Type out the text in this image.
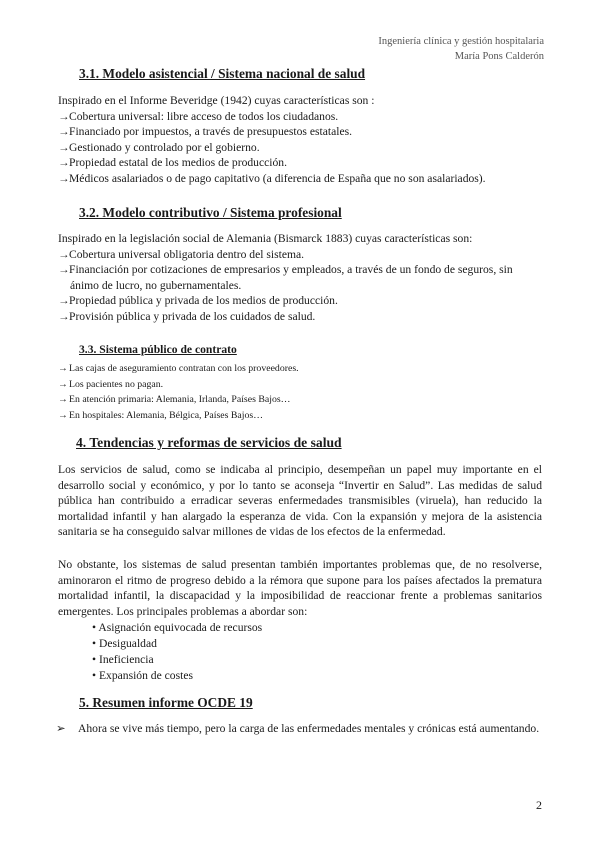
Ingeniería clínica y gestión hospitalaria
María Pons Calderón
3.1. Modelo asistencial / Sistema nacional de salud
Inspirado en el Informe Beveridge (1942) cuyas características son :
→Cobertura universal: libre acceso de todos los ciudadanos.
→Financiado por impuestos, a través de presupuestos estatales.
→Gestionado y controlado por el gobierno.
→Propiedad estatal de los medios de producción.
→Médicos asalariados o de pago capitativo (a diferencia de España que no son asalariados).
3.2. Modelo contributivo / Sistema profesional
Inspirado en la legislación social de Alemania (Bismarck 1883) cuyas características son:
→Cobertura universal obligatoria dentro del sistema.
→Financiación por cotizaciones de empresarios y empleados, a través de un fondo de seguros, sin
ánimo de lucro, no gubernamentales.
→Propiedad pública y privada de los medios de producción.
→Provisión pública y privada de los cuidados de salud.
3.3. Sistema público de contrato
→Las cajas de aseguramiento contratan con los proveedores.
→Los pacientes no pagan.
→En atención primaria: Alemania, Irlanda, Países Bajos…
→En hospitales: Alemania, Bélgica, Países Bajos…
4. Tendencias y reformas de servicios de salud

Los servicios de salud, como se indicaba al principio, desempeñan un papel muy importante en el desarrollo social y económico, y por lo tanto se aconseja “Invertir en Salud”. Las medidas de salud pública han contribuido a erradicar severas enfermedades transmisibles (viruela), han reducido la mortalidad infantil y han alargado la esperanza de vida. Con la expansión y mejora de la asistencia sanitaria se ha conseguido salvar millones de vidas de los efectos de la enfermedad.

No obstante, los sistemas de salud presentan también importantes problemas que, de no resolverse, aminoraron el ritmo de progreso debido a la rémora que supone para los países afectados la prematura mortalidad infantil, la discapacidad y la imposibilidad de reaccionar frente a problemas sanitarios emergentes. Los principales problemas a abordar son:

• Asignación equivocada de recursos
• Desigualdad
• Ineficiencia
• Expansión de costes
5. Resumen informe OCDE 19
➢	Ahora se vive más tiempo, pero la carga de las enfermedades mentales y crónicas está aumentando.
2
